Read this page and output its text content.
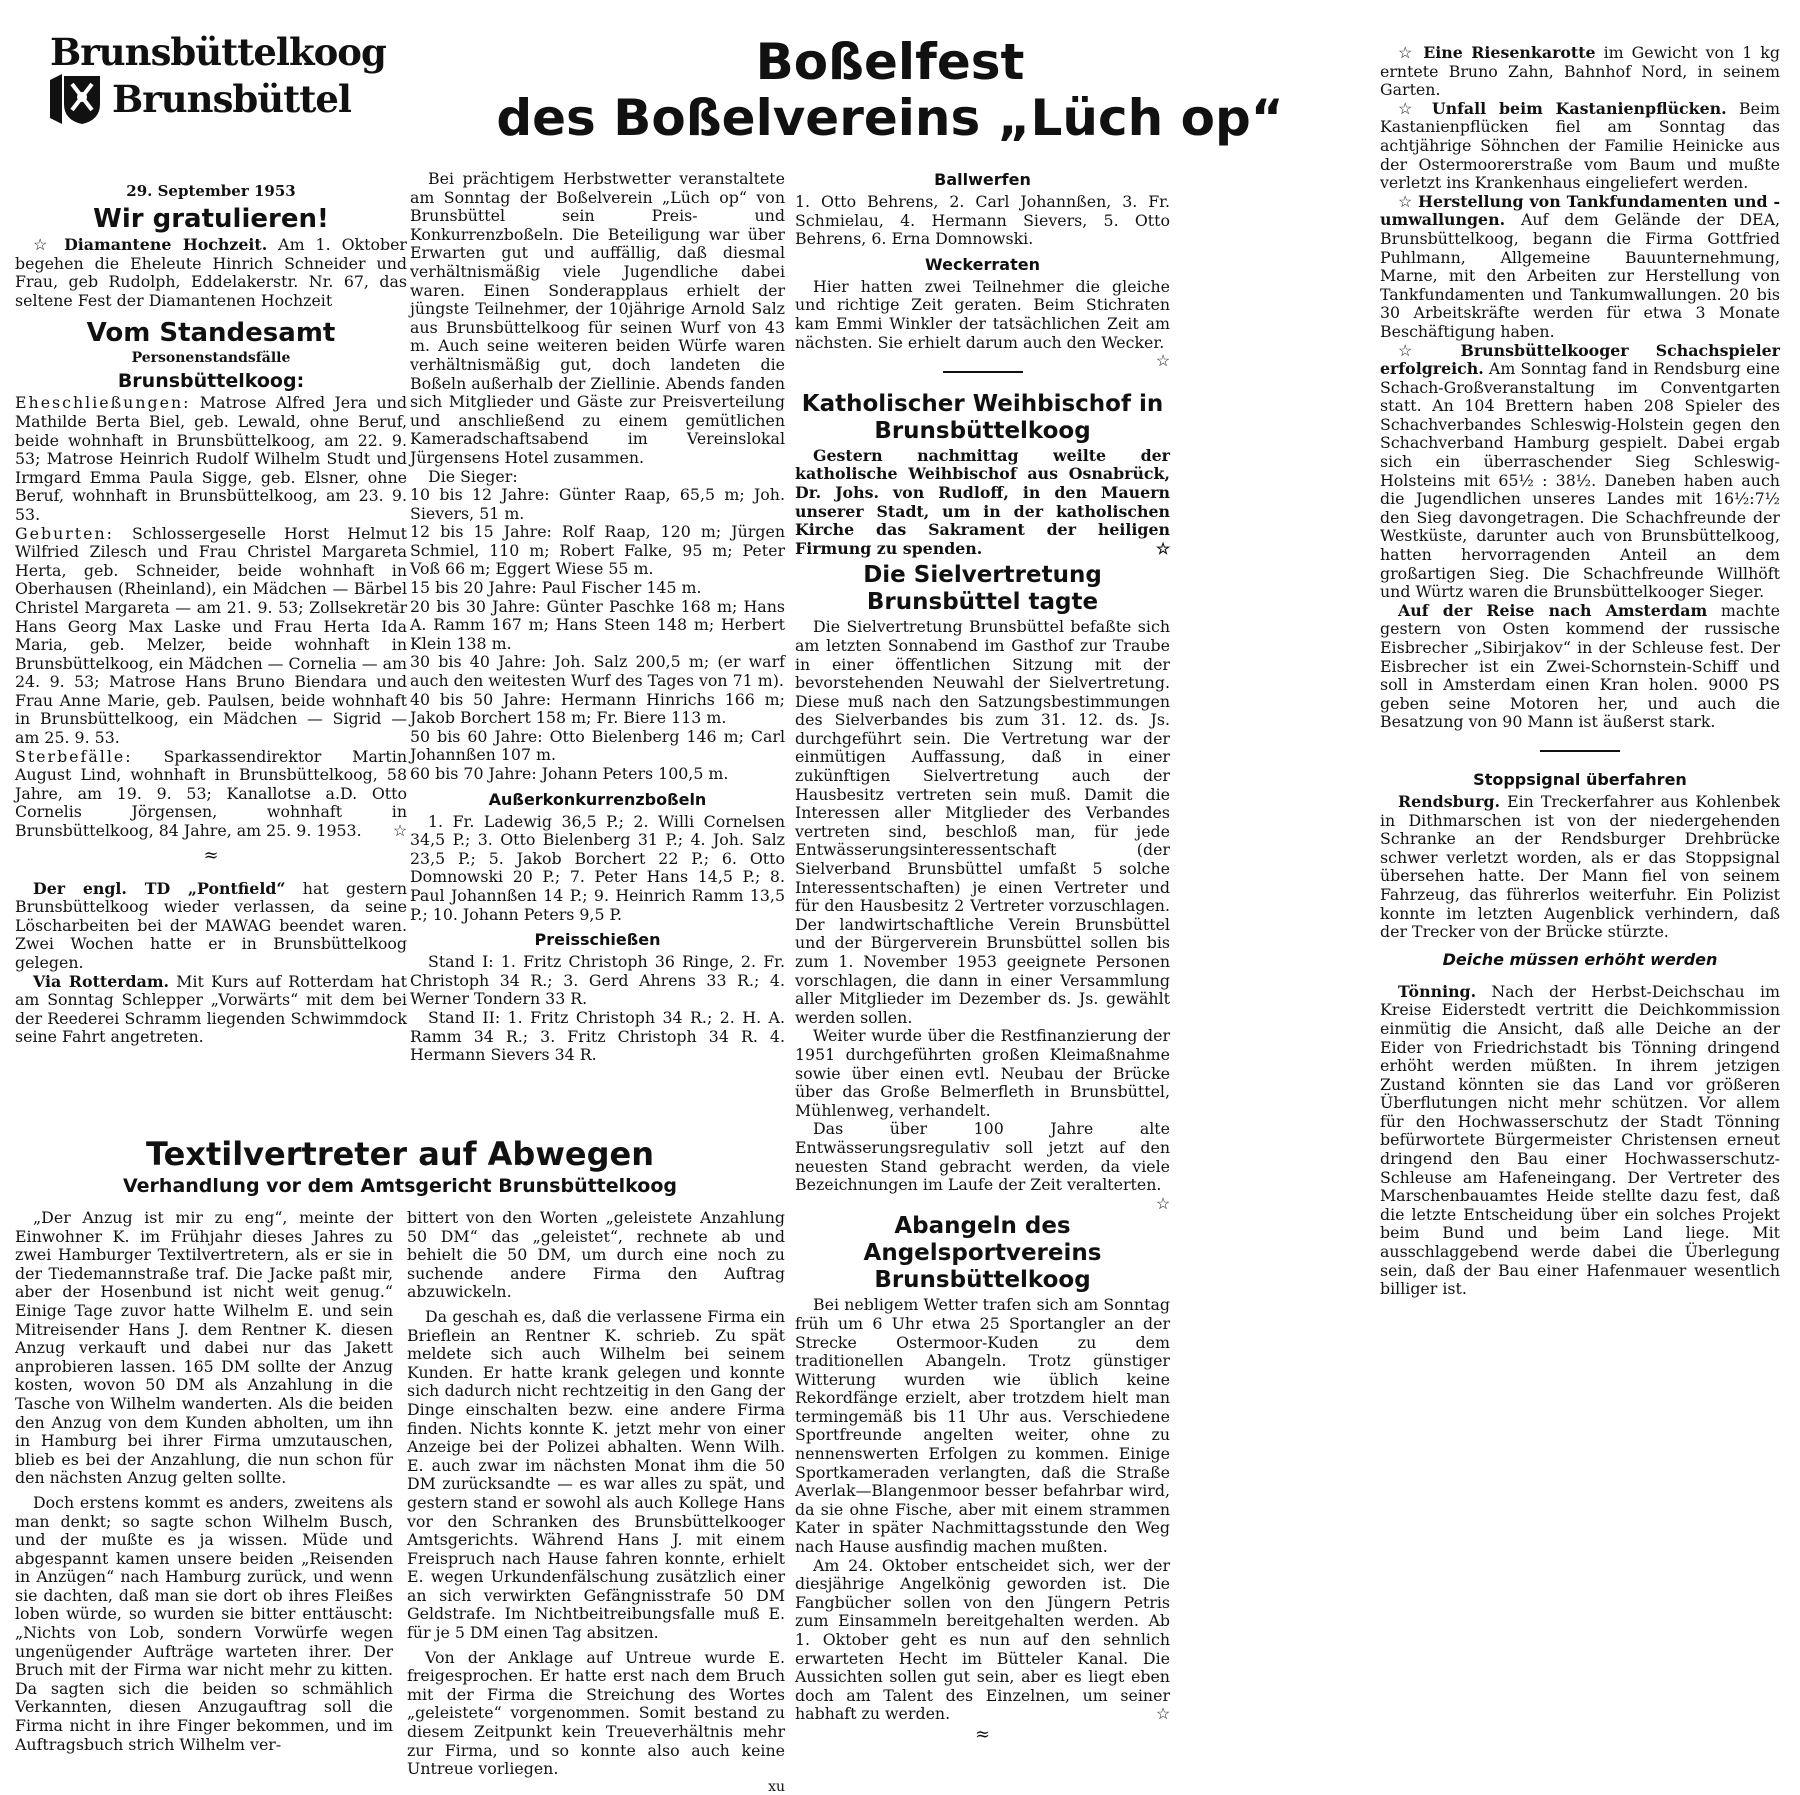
Brunsbüttelkoog
Brunsbüttel
Boßelfest
des Boßelvereins „Lüch op“
29. September 1953
Wir gratulieren!

☆ Diamantene Hochzeit. Am 1. Oktober begehen die Eheleute Hinrich Schneider und Frau, geb Rudolph, Eddelakerstr. Nr. 67, das seltene Fest der Diamantenen Hochzeit

Vom Standesamt
Personenstandsfälle
Brunsbüttelkoog:

Eheschließungen: Matrose Alfred Jera und Mathilde Berta Biel, geb. Lewald, ohne Beruf, beide wohnhaft in Brunsbüttelkoog, am 22. 9. 53; Matrose Heinrich Rudolf Wilhelm Studt und Irmgard Emma Paula Sigge, geb. Elsner, ohne Beruf, wohnhaft in Brunsbüttelkoog, am 23. 9. 53.

Geburten: Schlossergeselle Horst Helmut Wilfried Zilesch und Frau Christel Margareta Herta, geb. Schneider, beide wohnhaft in Oberhausen (Rheinland), ein Mädchen — Bärbel Christel Margareta — am 21. 9. 53; Zollsekretär Hans Georg Max Laske und Frau Herta Ida Maria, geb. Melzer, beide wohnhaft in Brunsbüttelkoog, ein Mädchen — Cornelia — am 24. 9. 53; Matrose Hans Bruno Biendara und Frau Anne Marie, geb. Paulsen, beide wohnhaft in Brunsbüttelkoog, ein Mädchen — Sigrid — am 25. 9. 53.

Sterbefälle: Sparkassendirektor Martin August Lind, wohnhaft in Brunsbüttelkoog, 58 Jahre, am 19. 9. 53; Kanallotse a.D. Otto Cornelis Jörgensen, wohnhaft in Brunsbüttelkoog, 84 Jahre, am 25. 9. 1953. ☆

≈

Der engl. TD „Pontfield“ hat gestern Brunsbüttelkoog wieder verlassen, da seine Löscharbeiten bei der MAWAG beendet waren. Zwei Wochen hatte er in Brunsbüttelkoog gelegen.

Via Rotterdam. Mit Kurs auf Rotterdam hat am Sonntag Schlepper „Vorwärts“ mit dem bei der Reederei Schramm liegenden Schwimmdock seine Fahrt angetreten.

Bei prächtigem Herbstwetter veranstaltete am Sonntag der Boßelverein „Lüch op“ von Brunsbüttel sein Preis- und Konkurrenzboßeln. Die Beteiligung war über Erwarten gut und auffällig, daß diesmal verhältnismäßig viele Jugendliche dabei waren. Einen Sonderapplaus erhielt der jüngste Teilnehmer, der 10jährige Arnold Salz aus Brunsbüttelkoog für seinen Wurf von 43 m. Auch seine weiteren beiden Würfe waren verhältnismäßig gut, doch landeten die Boßeln außerhalb der Ziellinie. Abends fanden sich Mitglieder und Gäste zur Preisverteilung und anschließend zu einem gemütlichen Kameradschaftsabend im Vereinslokal Jürgensens Hotel zusammen.

Die Sieger:

10 bis 12 Jahre: Günter Raap, 65,5 m; Joh. Sievers, 51 m.

12 bis 15 Jahre: Rolf Raap, 120 m; Jürgen Schmiel, 110 m; Robert Falke, 95 m; Peter Voß 66 m; Eggert Wiese 55 m.

15 bis 20 Jahre: Paul Fischer 145 m.

20 bis 30 Jahre: Günter Paschke 168 m; Hans A. Ramm 167 m; Hans Steen 148 m; Herbert Klein 138 m.

30 bis 40 Jahre: Joh. Salz 200,5 m; (er warf auch den weitesten Wurf des Tages von 71 m).

40 bis 50 Jahre: Hermann Hinrichs 166 m; Jakob Borchert 158 m; Fr. Biere 113 m.

50 bis 60 Jahre: Otto Bielenberg 146 m; Carl Johannßen 107 m.

60 bis 70 Jahre: Johann Peters 100,5 m.

Außerkonkurrenzboßeln

1. Fr. Ladewig 36,5 P.; 2. Willi Cornelsen 34,5 P.; 3. Otto Bielenberg 31 P.; 4. Joh. Salz 23,5 P.; 5. Jakob Borchert 22 P.; 6. Otto Domnowski 20 P.; 7. Peter Hans 14,5 P.; 8. Paul Johannßen 14 P.; 9. Heinrich Ramm 13,5 P.; 10. Johann Peters 9,5 P.

Preisschießen

Stand I: 1. Fritz Christoph 36 Ringe, 2. Fr. Christoph 34 R.; 3. Gerd Ahrens 33 R.; 4. Werner Tondern 33 R.

Stand II: 1. Fritz Christoph 34 R.; 2. H. A. Ramm 34 R.; 3. Fritz Christoph 34 R. 4. Hermann Sievers 34 R.

Ballwerfen

1. Otto Behrens, 2. Carl Johannßen, 3. Fr. Schmielau, 4. Hermann Sievers, 5. Otto Behrens, 6. Erna Domnowski.

Weckerraten

Hier hatten zwei Teilnehmer die gleiche und richtige Zeit geraten. Beim Stichraten kam Emmi Winkler der tatsächlichen Zeit am nächsten. Sie erhielt darum auch den Wecker.
☆

Katholischer Weihbischof in Brunsbüttelkoog

Gestern nachmittag weilte der katholische Weihbischof aus Osnabrück, Dr. Johs. von Rudloff, in den Mauern unserer Stadt, um in der katholischen Kirche das Sakrament der heiligen Firmung zu spenden.	☆

Die Sielvertretung Brunsbüttel tagte

Die Sielvertretung Brunsbüttel befaßte sich am letzten Sonnabend im Gasthof zur Traube in einer öffentlichen Sitzung mit der bevorstehenden Neuwahl der Sielvertretung. Diese muß nach den Satzungsbestimmungen des Sielverbandes bis zum 31. 12. ds. Js. durchgeführt sein. Die Vertretung war der einmütigen Auffassung, daß in einer zukünftigen Sielvertretung auch der Hausbesitz vertreten sein muß. Damit die Interessen aller Mitglieder des Verbandes vertreten sind, beschloß man, für jede Entwässerungsinteressentschaft (der Sielverband Brunsbüttel umfaßt 5 solche Interessentschaften) je einen Vertreter und für den Hausbesitz 2 Vertreter vorzuschlagen. Der landwirtschaftliche Verein Brunsbüttel und der Bürgerverein Brunsbüttel sollen bis zum 1. November 1953 geeignete Personen vorschlagen, die dann in einer Versammlung aller Mitglieder im Dezember ds. Js. gewählt werden sollen.

Weiter wurde über die Restfinanzierung der 1951 durchgeführten großen Kleimaßnahme sowie über einen evtl. Neubau der Brücke über das Große Belmerfleth in Brunsbüttel, Mühlenweg, verhandelt.

Das über 100 Jahre alte Entwässerungsregulativ soll jetzt auf den neuesten Stand gebracht werden, da viele Bezeichnungen im Laufe der Zeit veralterten.
☆

Abangeln des Angelsportvereins Brunsbüttelkoog

Bei nebligem Wetter trafen sich am Sonntag früh um 6 Uhr etwa 25 Sportangler an der Strecke Ostermoor-Kuden zu dem traditionellen Abangeln. Trotz günstiger Witterung wurden wie üblich keine Rekordfänge erzielt, aber trotzdem hielt man termingemäß bis 11 Uhr aus. Verschiedene Sportfreunde angelten weiter, ohne zu nennenswerten Erfolgen zu kommen. Einige Sportkameraden verlangten, daß die Straße Averlak—Blangenmoor besser befahrbar wird, da sie ohne Fische, aber mit einem strammen Kater in später Nachmittagsstunde den Weg nach Hause ausfindig machen mußten.

Am 24. Oktober entscheidet sich, wer der diesjährige Angelkönig geworden ist. Die Fangbücher sollen von den Jüngern Petris zum Einsammeln bereitgehalten werden. Ab 1. Oktober geht es nun auf den sehnlich erwarteten Hecht im Bütteler Kanal. Die Aussichten sollen gut sein, aber es liegt eben doch am Talent des Einzelnen, um seiner habhaft zu werden.	☆

≈

☆ Eine Riesenkarotte im Gewicht von 1 kg erntete Bruno Zahn, Bahnhof Nord, in seinem Garten.

☆ Unfall beim Kastanienpflücken. Beim Kastanienpflücken fiel am Sonntag das achtjährige Söhnchen der Familie Heinicke aus der Ostermoorerstraße vom Baum und mußte verletzt ins Krankenhaus eingeliefert werden.

☆ Herstellung von Tankfundamenten und -umwallungen. Auf dem Gelände der DEA, Brunsbüttelkoog, begann die Firma Gottfried Puhlmann, Allgemeine Bauunternehmung, Marne, mit den Arbeiten zur Herstellung von Tankfundamenten und Tankumwallungen. 20 bis 30 Arbeitskräfte werden für etwa 3 Monate Beschäftigung haben.

☆ Brunsbüttelkooger Schachspieler erfolgreich. Am Sonntag fand in Rendsburg eine Schach-Großveranstaltung im Conventgarten statt. An 104 Brettern haben 208 Spieler des Schachverbandes Schleswig-Holstein gegen den Schachverband Hamburg gespielt. Dabei ergab sich ein überraschender Sieg Schleswig-Holsteins mit 65½ : 38½. Daneben haben auch die Jugendlichen unseres Landes mit 16½:7½ den Sieg davongetragen. Die Schachfreunde der Westküste, darunter auch von Brunsbüttelkoog, hatten hervorragenden Anteil an dem großartigen Sieg. Die Schachfreunde Willhöft und Würtz waren die Brunsbüttelkooger Sieger.

Auf der Reise nach Amsterdam machte gestern von Osten kommend der russische Eisbrecher „Sibirjakov“ in der Schleuse fest. Der Eisbrecher ist ein Zwei-Schornstein-Schiff und soll in Amsterdam einen Kran holen. 9000 PS geben seine Motoren her, und auch die Besatzung von 90 Mann ist äußerst stark.

Stoppsignal überfahren

Rendsburg. Ein Treckerfahrer aus Kohlenbek in Dithmarschen ist von der niedergehenden Schranke an der Rendsburger Drehbrücke schwer verletzt worden, als er das Stoppsignal übersehen hatte. Der Mann fiel von seinem Fahrzeug, das führerlos weiterfuhr. Ein Polizist konnte im letzten Augenblick verhindern, daß der Trecker von der Brücke stürzte.

Deiche müssen erhöht werden

Tönning. Nach der Herbst-Deichschau im Kreise Eiderstedt vertritt die Deichkommission einmütig die Ansicht, daß alle Deiche an der Eider von Friedrichstadt bis Tönning dringend erhöht werden müßten. In ihrem jetzigen Zustand könnten sie das Land vor größeren Überflutungen nicht mehr schützen. Vor allem für den Hochwasserschutz der Stadt Tönning befürwortete Bürgermeister Christensen erneut dringend den Bau einer Hochwasserschutz-Schleuse am Hafeneingang. Der Vertreter des Marschenbauamtes Heide stellte dazu fest, daß die letzte Entscheidung über ein solches Projekt beim Bund und beim Land liege. Mit ausschlaggebend werde dabei die Überlegung sein, daß der Bau einer Hafenmauer wesentlich billiger ist.

Textilvertreter auf Abwegen
Verhandlung vor dem Amtsgericht Brunsbüttelkoog

„Der Anzug ist mir zu eng“, meinte der Einwohner K. im Frühjahr dieses Jahres zu zwei Hamburger Textilvertretern, als er sie in der Tiedemannstraße traf. Die Jacke paßt mir, aber der Hosenbund ist nicht weit genug.“ Einige Tage zuvor hatte Wilhelm E. und sein Mitreisender Hans J. dem Rentner K. diesen Anzug verkauft und dabei nur das Jakett anprobieren lassen. 165 DM sollte der Anzug kosten, wovon 50 DM als Anzahlung in die Tasche von Wilhelm wanderten. Als die beiden den Anzug von dem Kunden abholten, um ihn in Hamburg bei ihrer Firma umzutauschen, blieb es bei der Anzahlung, die nun schon für den nächsten Anzug gelten sollte.

Doch erstens kommt es anders, zweitens als man denkt; so sagte schon Wilhelm Busch, und der mußte es ja wissen. Müde und abgespannt kamen unsere beiden „Reisenden in Anzügen“ nach Hamburg zurück, und wenn sie dachten, daß man sie dort ob ihres Fleißes loben würde, so wurden sie bitter enttäuscht: „Nichts von Lob, sondern Vorwürfe wegen ungenügender Aufträge warteten ihrer. Der Bruch mit der Firma war nicht mehr zu kitten. Da sagten sich die beiden so schmählich Verkannten, diesen Anzugauftrag soll die Firma nicht in ihre Finger bekommen, und im Auftragsbuch strich Wilhelm ver-

bittert von den Worten „geleistete Anzahlung 50 DM“ das „geleistet“, rechnete ab und behielt die 50 DM, um durch eine noch zu suchende andere Firma den Auftrag abzuwickeln.

Da geschah es, daß die verlassene Firma ein Brieflein an Rentner K. schrieb. Zu spät meldete sich auch Wilhelm bei seinem Kunden. Er hatte krank gelegen und konnte sich dadurch nicht rechtzeitig in den Gang der Dinge einschalten bezw. eine andere Firma finden. Nichts konnte K. jetzt mehr von einer Anzeige bei der Polizei abhalten. Wenn Wilh. E. auch zwar im nächsten Monat ihm die 50 DM zurücksandte — es war alles zu spät, und gestern stand er sowohl als auch Kollege Hans vor den Schranken des Brunsbüttelkooger Amtsgerichts. Während Hans J. mit einem Freispruch nach Hause fahren konnte, erhielt E. wegen Urkundenfälschung zusätzlich einer an sich verwirkten Gefängnisstrafe 50 DM Geldstrafe. Im Nichtbeitreibungsfalle muß E. für je 5 DM einen Tag absitzen.

Von der Anklage auf Untreue wurde E. freigesprochen. Er hatte erst nach dem Bruch mit der Firma die Streichung des Wortes „geleistete“ vorgenommen. Somit bestand zu diesem Zeitpunkt kein Treueverhältnis mehr zur Firma, und so konnte also auch keine Untreue vorliegen.

xu
